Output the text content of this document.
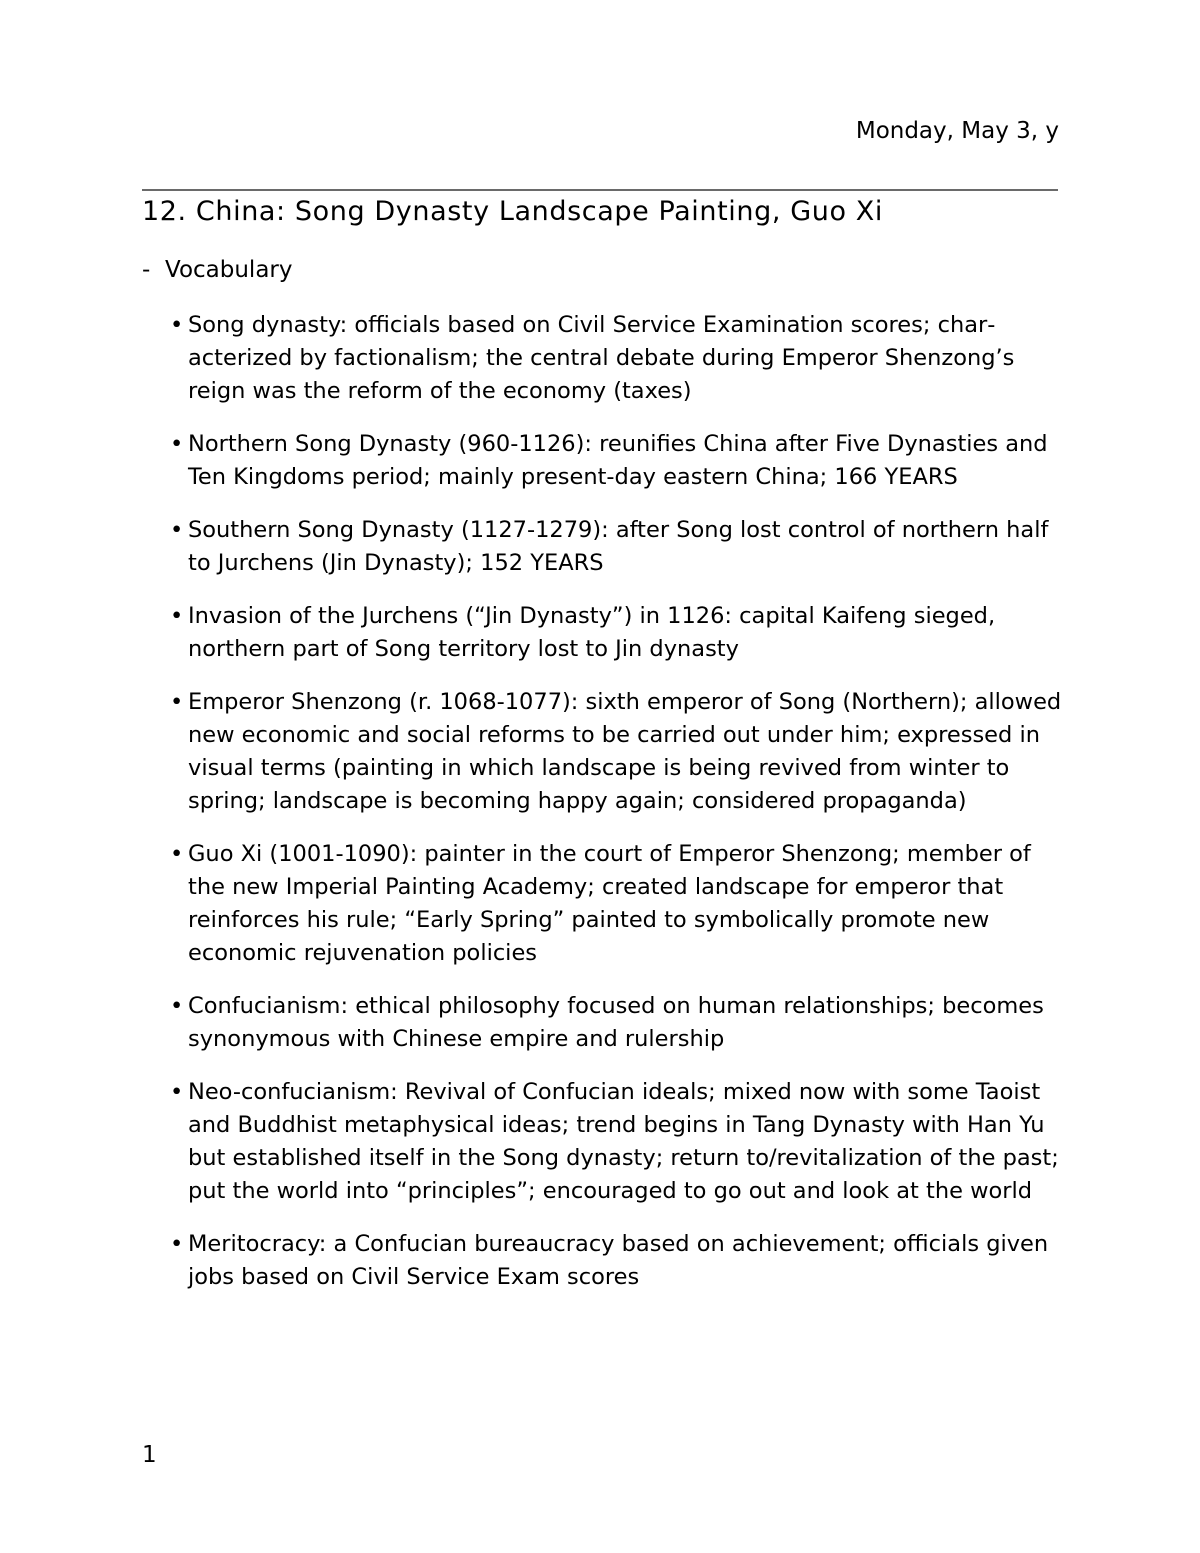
Monday, May 3, y
12. China: Song Dynasty Landscape Painting, Guo Xi
- Vocabulary
• Song dynasty: officials based on Civil Service Examination scores; characterized by factionalism; the central debate during Emperor Shenzong’s reign was the reform of the economy (taxes)
• Northern Song Dynasty (960-1126): reunifies China after Five Dynasties and Ten Kingdoms period; mainly present-day eastern China; 166 YEARS
• Southern Song Dynasty (1127-1279): after Song lost control of northern half to Jurchens (Jin Dynasty); 152 YEARS
• Invasion of the Jurchens (“Jin Dynasty”) in 1126: capital Kaifeng sieged, northern part of Song territory lost to Jin dynasty
• Emperor Shenzong (r. 1068-1077): sixth emperor of Song (Northern); allowed new economic and social reforms to be carried out under him; expressed in visual terms (painting in which landscape is being revived from winter to spring; landscape is becoming happy again; considered propaganda)
• Guo Xi (1001-1090): painter in the court of Emperor Shenzong; member of the new Imperial Painting Academy; created landscape for emperor that reinforces his rule; “Early Spring” painted to symbolically promote new economic rejuvenation policies
• Confucianism: ethical philosophy focused on human relationships; becomes synonymous with Chinese empire and rulership
• Neo-confucianism: Revival of Confucian ideals; mixed now with some Taoist and Buddhist metaphysical ideas; trend begins in Tang Dynasty with Han Yu but established itself in the Song dynasty; return to/revitalization of the past; put the world into “principles”; encouraged to go out and look at the world
• Meritocracy: a Confucian bureaucracy based on achievement; officials given jobs based on Civil Service Exam scores
1
